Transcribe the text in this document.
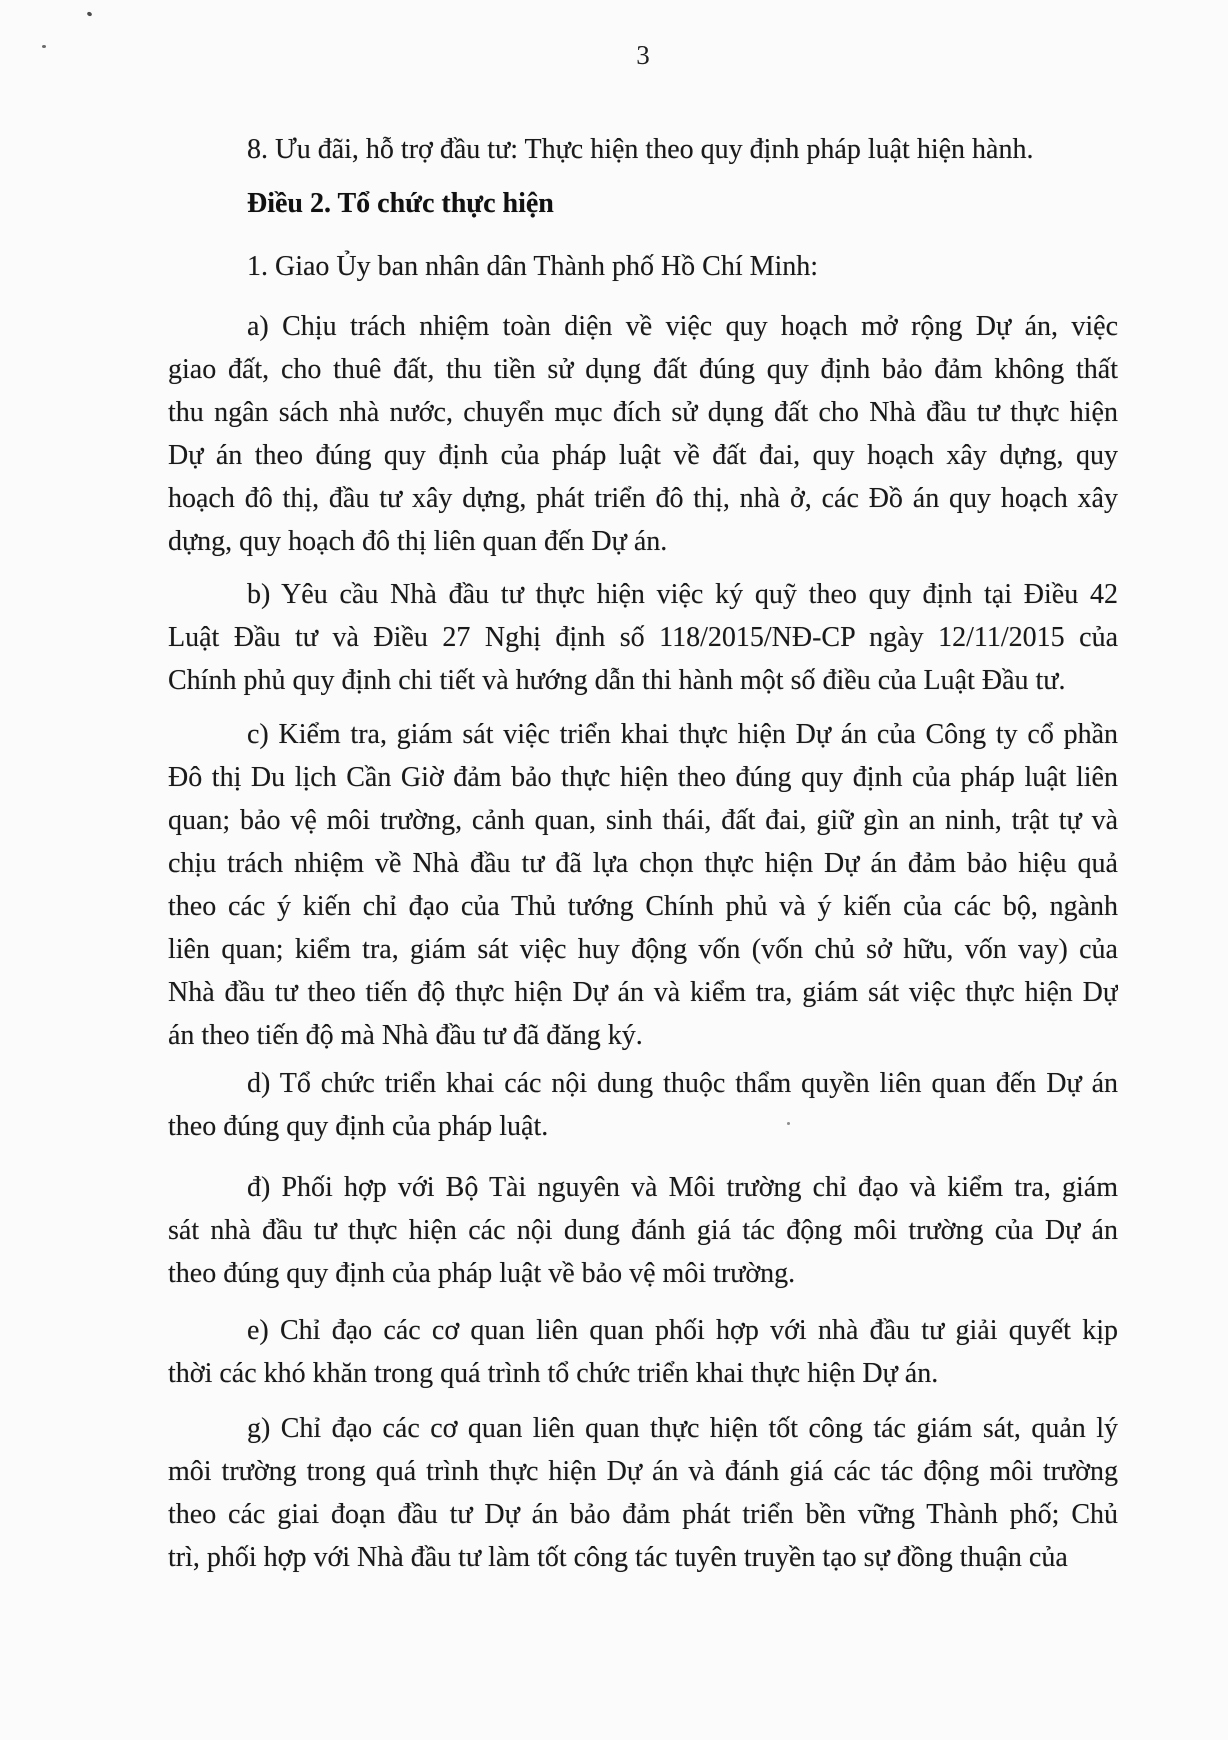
3
8. Ưu đãi, hỗ trợ đầu tư: Thực hiện theo quy định pháp luật hiện hành.
Điều 2. Tổ chức thực hiện
1. Giao Ủy ban nhân dân Thành phố Hồ Chí Minh:
a) Chịu trách nhiệm toàn diện về việc quy hoạch mở rộng Dự án, việc
giao đất, cho thuê đất, thu tiền sử dụng đất đúng quy định bảo đảm không thất
thu ngân sách nhà nước, chuyển mục đích sử dụng đất cho Nhà đầu tư thực hiện
Dự án theo đúng quy định của pháp luật về đất đai, quy hoạch xây dựng, quy
hoạch đô thị, đầu tư xây dựng, phát triển đô thị, nhà ở, các Đồ án quy hoạch xây
dựng, quy hoạch đô thị liên quan đến Dự án.
b) Yêu cầu Nhà đầu tư thực hiện việc ký quỹ theo quy định tại Điều 42
Luật Đầu tư và Điều 27 Nghị định số 118/2015/NĐ-CP ngày 12/11/2015 của
Chính phủ quy định chi tiết và hướng dẫn thi hành một số điều của Luật Đầu tư.
c) Kiểm tra, giám sát việc triển khai thực hiện Dự án của Công ty cổ phần
Đô thị Du lịch Cần Giờ đảm bảo thực hiện theo đúng quy định của pháp luật liên
quan; bảo vệ môi trường, cảnh quan, sinh thái, đất đai, giữ gìn an ninh, trật tự và
chịu trách nhiệm về Nhà đầu tư đã lựa chọn thực hiện Dự án đảm bảo hiệu quả
theo các ý kiến chỉ đạo của Thủ tướng Chính phủ và ý kiến của các bộ, ngành
liên quan; kiểm tra, giám sát việc huy động vốn (vốn chủ sở hữu, vốn vay) của
Nhà đầu tư theo tiến độ thực hiện Dự án và kiểm tra, giám sát việc thực hiện Dự
án theo tiến độ mà Nhà đầu tư đã đăng ký.
d) Tổ chức triển khai các nội dung thuộc thẩm quyền liên quan đến Dự án
theo đúng quy định của pháp luật.
đ) Phối hợp với Bộ Tài nguyên và Môi trường chỉ đạo và kiểm tra, giám
sát nhà đầu tư thực hiện các nội dung đánh giá tác động môi trường của Dự án
theo đúng quy định của pháp luật về bảo vệ môi trường.
e) Chỉ đạo các cơ quan liên quan phối hợp với nhà đầu tư giải quyết kịp
thời các khó khăn trong quá trình tổ chức triển khai thực hiện Dự án.
g) Chỉ đạo các cơ quan liên quan thực hiện tốt công tác giám sát, quản lý
môi trường trong quá trình thực hiện Dự án và đánh giá các tác động môi trường
theo các giai đoạn đầu tư Dự án bảo đảm phát triển bền vững Thành phố; Chủ
trì, phối hợp với Nhà đầu tư làm tốt công tác tuyên truyền tạo sự đồng thuận của
